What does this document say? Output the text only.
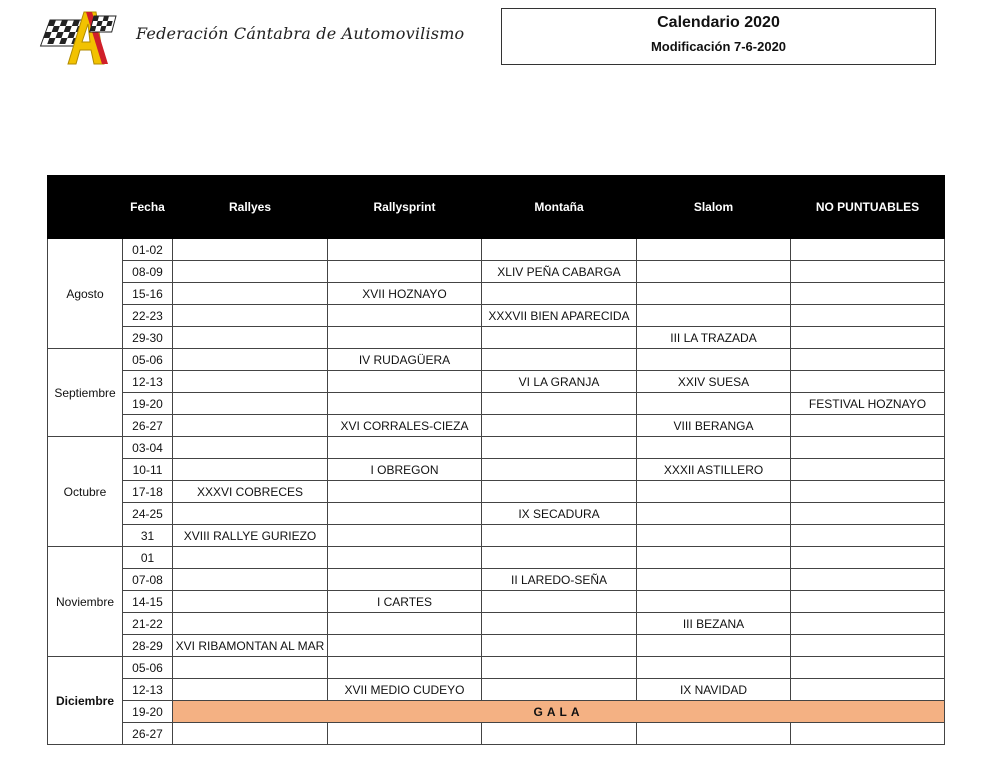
Federación Cántabra de Automovilismo
Calendario 2020
Modificación 7-6-2020
	Fecha	Rallyes	Rallysprint	Montaña	Slalom	NO PUNTUABLES
Agosto	01-02					
	08-09			XLIV PEÑA CABARGA		
	15-16		XVII HOZNAYO			
	22-23			XXXVII BIEN APARECIDA		
	29-30				III LA TRAZADA	
Septiembre	05-06		IV RUDAGÜERA			
	12-13			VI LA GRANJA	XXIV SUESA	
	19-20					FESTIVAL HOZNAYO
	26-27		XVI CORRALES-CIEZA		VIII BERANGA	
Octubre	03-04					
	10-11		I OBREGON		XXXII ASTILLERO	
	17-18	XXXVI COBRECES				
	24-25			IX SECADURA		
	31	XVIII RALLYE GURIEZO				
Noviembre	01					
	07-08			II LAREDO-SEÑA		
	14-15		I CARTES			
	21-22				III BEZANA	
	28-29	XVI RIBAMONTAN AL MAR				
Diciembre	05-06					
	12-13		XVII MEDIO CUDEYO		IX NAVIDAD	
	19-20	GALA				
	26-27					
